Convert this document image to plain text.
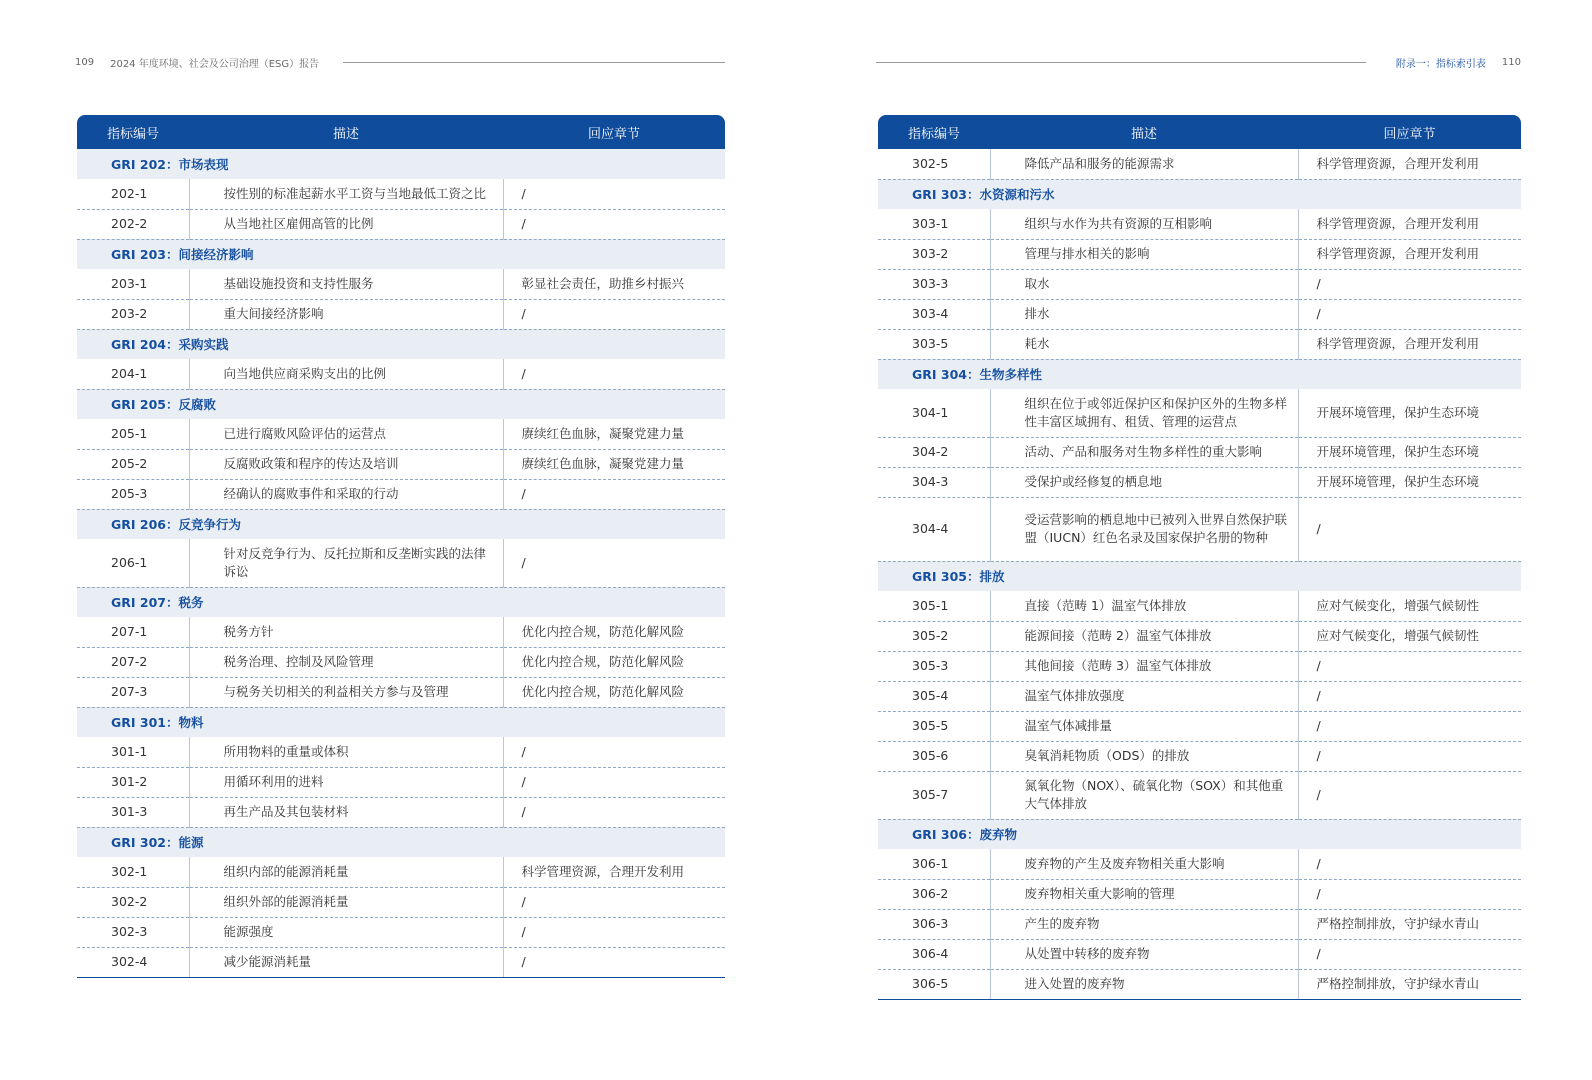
109 2024 年度环境、社会及公司治理（ESG）报告
指标编号	描述	回应章节
GRI 202：市场表现		
202-1	按性别的标准起薪水平工资与当地最低工资之比	/
202-2	从当地社区雇佣高管的比例	/
GRI 203：间接经济影响		
203-1	基础设施投资和支持性服务	彰显社会责任，助推乡村振兴
203-2	重大间接经济影响	/
GRI 204：采购实践		
204-1	向当地供应商采购支出的比例	/
GRI 205：反腐败		
205-1	已进行腐败风险评估的运营点	赓续红色血脉，凝聚党建力量
205-2	反腐败政策和程序的传达及培训	赓续红色血脉，凝聚党建力量
205-3	经确认的腐败事件和采取的行动	/
GRI 206：反竞争行为		
206-1	针对反竞争行为、反托拉斯和反垄断实践的法律诉讼	/
GRI 207：税务		
207-1	税务方针	优化内控合规，防范化解风险
207-2	税务治理、控制及风险管理	优化内控合规，防范化解风险
207-3	与税务关切相关的利益相关方参与及管理	优化内控合规，防范化解风险
GRI 301：物料		
301-1	所用物料的重量或体积	/
301-2	用循环利用的进料	/
301-3	再生产品及其包装材料	/
GRI 302：能源		
302-1	组织内部的能源消耗量	科学管理资源，合理开发利用
302-2	组织外部的能源消耗量	/
302-3	能源强度	/
302-4	减少能源消耗量	/
附录一：指标索引表 110
指标编号	描述	回应章节
302-5	降低产品和服务的能源需求	科学管理资源，合理开发利用
GRI 303：水资源和污水		
303-1	组织与水作为共有资源的互相影响	科学管理资源，合理开发利用
303-2	管理与排水相关的影响	科学管理资源，合理开发利用
303-3	取水	/
303-4	排水	/
303-5	耗水	科学管理资源，合理开发利用
GRI 304：生物多样性		
304-1	组织在位于或邻近保护区和保护区外的生物多样性丰富区域拥有、租赁、管理的运营点	开展环境管理，保护生态环境
304-2	活动、产品和服务对生物多样性的重大影响	开展环境管理，保护生态环境
304-3	受保护或经修复的栖息地	开展环境管理，保护生态环境
304-4	受运营影响的栖息地中已被列入世界自然保护联盟（IUCN）红色名录及国家保护名册的物种	/
GRI 305：排放		
305-1	直接（范畴 1）温室气体排放	应对气候变化，增强气候韧性
305-2	能源间接（范畴 2）温室气体排放	应对气候变化，增强气候韧性
305-3	其他间接（范畴 3）温室气体排放	/
305-4	温室气体排放强度	/
305-5	温室气体减排量	/
305-6	臭氧消耗物质（ODS）的排放	/
305-7	氮氧化物（NOX）、硫氧化物（SOX）和其他重大气体排放	/
GRI 306：废弃物		
306-1	废弃物的产生及废弃物相关重大影响	/
306-2	废弃物相关重大影响的管理	/
306-3	产生的废弃物	严格控制排放，守护绿水青山
306-4	从处置中转移的废弃物	/
306-5	进入处置的废弃物	严格控制排放，守护绿水青山
